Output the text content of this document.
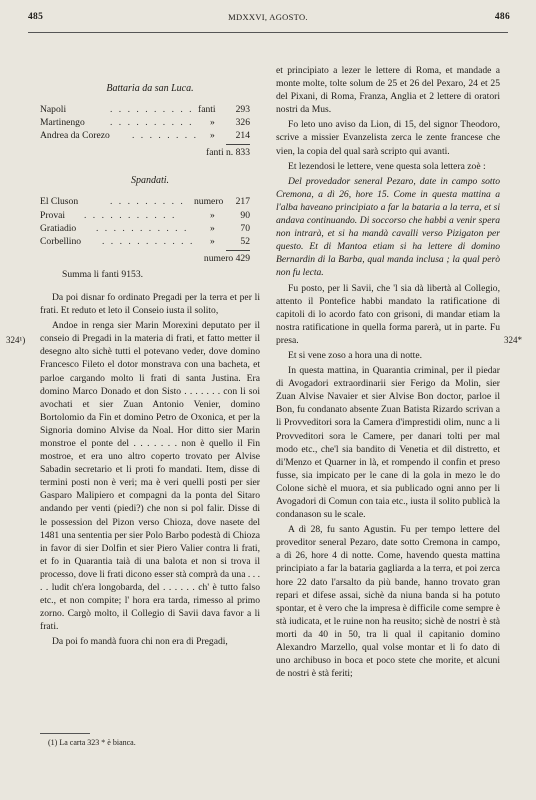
485	MDXXVI, AGOSTO.	486
Battaria da san Luca.
Napoli	. . . . . . . . . . fanti 293
Martinengo	. . . . . . . . . . » 326
Andrea da Corezo . . . . . . . . » 214
fanti n. 833
Spandati.
El Cluson	. . . . . . . . . numero 217
Provai . . . . . . . . . . .	»	90
Gratiadio . . . . . . . . . . . »	70
Corbellino . . . . . . . . . . . »	52
numero 429
Summa li fanti 9153.

Da poi disnar fo ordinato Pregadi per la terra et per li frati. Et reduto et leto il Conseio iusta il solito,

Andoe in renga sier Marin Morexini deputato per il conseio di Pregadi in la materia di frati, et fatto metter il desegno alto sichè tutti el potevano veder, dove domino Francesco Fileto el dotor monstrava con una bacheta, et parloe cargando molto li frati di santa Justina. Era domino Marco Donado et don Sisto . . . . . . . con li soi avochati et sier Zuan Antonio Venier, domino Bortolomio da Fin et domino Petro de Oxonica, et per la Signoria domino Alvise da Noal. Hor ditto sier Marin monstroe el ponte del . . . . . . . non è quello il Fin mostroe, et era uno altro coperto trovato per Alvise Sabadin secretario et li proti fo mandati. Item, disse di termini posti non è veri; ma è veri quelli posti per sier Gasparo Malipiero et compagni da la ponta del Sitaro andando per venti (piedi?) che non si pol falir. Disse di le possession del Pizon verso Chioza, dove nasete del 1481 una sententia per sier Polo Barbo podestà di Chioza in favor di sier Dolfin et sier Piero Valier contra li frati, et fo in Quarantia taià di una balota et non si trova il processo, dove li frati dicono esser stà comprà da una . . . . . ludit ch'era longobarda, del . . . . . . ch' è tutto falso etc., et non compite; l' hora era tarda, rimesso al primo zorno. Cargò molto, il Collegio di Savii dava favor a li frati.

Da poi fo mandà fuora chi non era di Pregadi,

324¹)	324*
(1) La carta 323 * è bianca.

et principiato a lezer le lettere di Roma, et mandade a monte molte, tolte solum de 25 et 26 del Pexaro, 24 et 25 del Pixani, di Roma, Franza, Anglia et 2 lettere di oratori nostri da Mus.

Fo leto uno aviso da Lion, di 15, del signor Theodoro, scrive a missier Evanzelista zerca le zente francese che vien, la copia del qual sarà scripto qui avanti.

Et lezendosi le lettere, vene questa sola lettera zoè :

Del provedador seneral Pezaro, date in campo sotto Cremona, a dì 26, hore 15. Come in questa mattina a l'alba haveano principiato a far la bataria a la terra, et si andava continuando. Di soccorso che habbi a venir spera non intrarà, et si ha mandà cavalli verso Pizigaton per questo. Et di Mantoa etiam si ha lettere di domino Bernardin di la Barba, qual manda inclusa ; la qual però non fu lecta.

Fu posto, per li Savii, che 'l sia dà libertà al Collegio, attento il Pontefice habbi mandato la ratificatione di capitoli di lo acordo fato con grisoni, di mandar etiam la nostra ratificatione in quella forma parerà, ut in parte. Fu presa.

Et si vene zoso a hora una di notte.

In questa mattina, in Quarantia criminal, per il piedar di Avogadori extraordinarii sier Ferigo da Molin, sier Zuan Alvise Navaier et sier Alvise Bon doctor, parloe il Bon, fu condanato absente Zuan Batista Rizardo scrivan a li Provveditori sora la Camera d'imprestidi olim, nunc a li Provveditori sora le Camere, per danari tolti per mal modo etc., che'l sia bandito di Venetia et dil distretto, et di'Menzo et Quarner in là, et rompendo il confin et preso fusse, sia impicato per le cane di la gola in mezo le do Colone sichè el muora, et sia publicado ogni anno per li Avogadori di Comun con taia etc., iusta il solito publicà la condanason su le scale.

A dì 28, fu santo Agustin. Fu per tempo lettere del proveditor seneral Pezaro, date sotto Cremona in campo, a dì 26, hore 4 di notte. Come, havendo questa mattina principiato a far la bataria gagliarda a la terra, et poi zerca hore 22 dato l'arsalto da più bande, hanno trovato gran repari et difese assai, sichè da niuna banda si ha potuto spontar, et è vero che la impresa è difficile come sempre è stà iudicata, et le ruine non ha reusito; sichè de nostri è stà morti da 40 in 50, tra li qual il capitanio domino Alexandro Marzello, qual volse montar et li fo dato di uno archibuso in boca et poco stete che morite, et alcuni de nostri è stà feriti;
